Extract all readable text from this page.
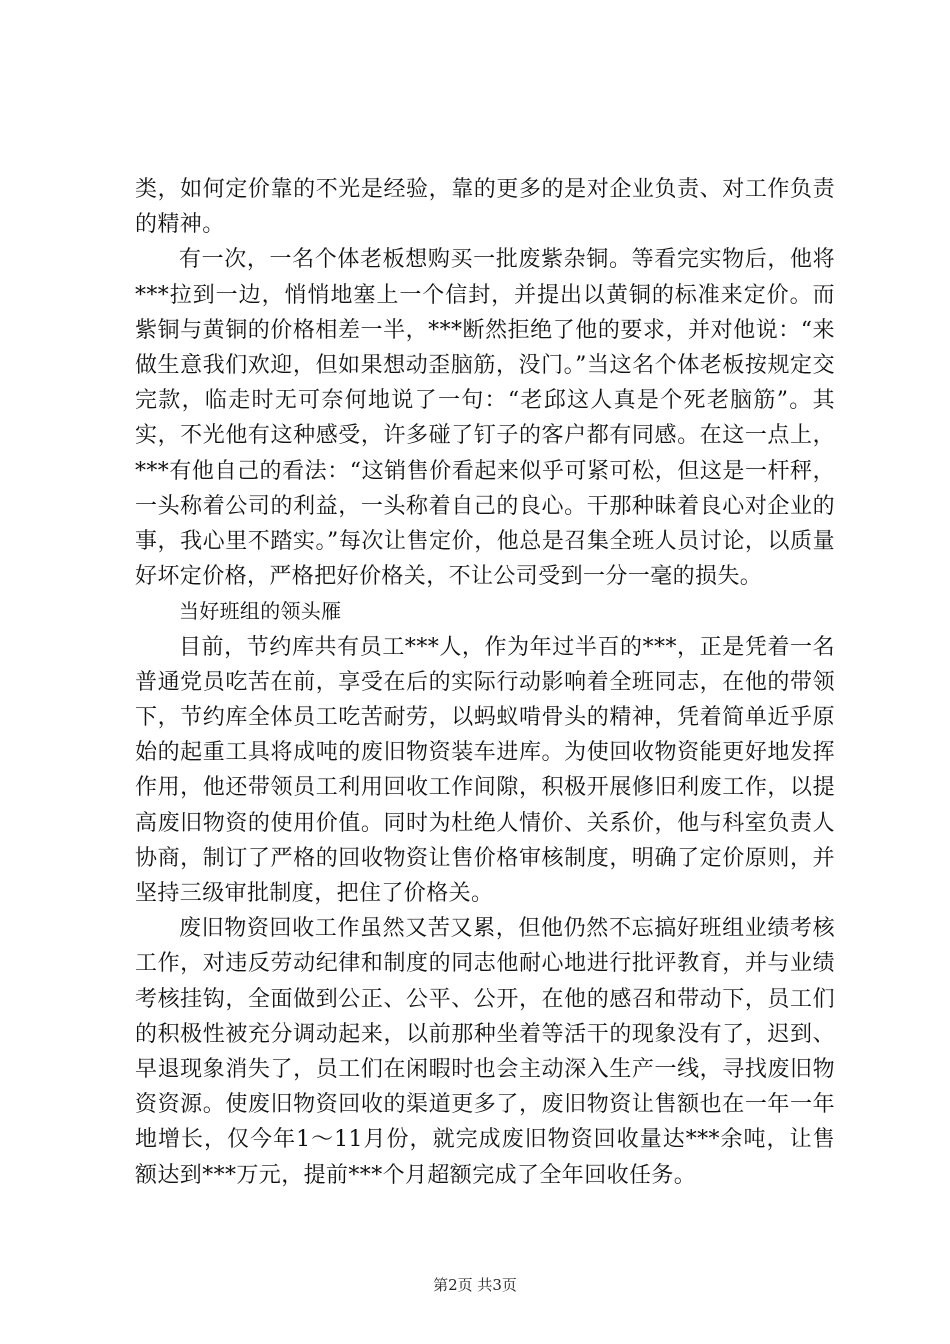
类，如何定价靠的不光是经验，靠的更多的是对企业负责、对工作负责的精神。

有一次，一名个体老板想购买一批废紫杂铜。等看完实物后，他将***拉到一边，悄悄地塞上一个信封，并提出以黄铜的标准来定价。而紫铜与黄铜的价格相差一半，***断然拒绝了他的要求，并对他说：“来做生意我们欢迎，但如果想动歪脑筋，没门。”当这名个体老板按规定交完款，临走时无可奈何地说了一句：“老邱这人真是个死老脑筋”。其实，不光他有这种感受，许多碰了钉子的客户都有同感。在这一点上，***有他自己的看法：“这销售价看起来似乎可紧可松，但这是一杆秤，一头称着公司的利益，一头称着自己的良心。干那种昧着良心对企业的事，我心里不踏实。”每次让售定价，他总是召集全班人员讨论，以质量好坏定价格，严格把好价格关，不让公司受到一分一毫的损失。

当好班组的领头雁

目前，节约库共有员工***人，作为年过半百的***，正是凭着一名普通党员吃苦在前，享受在后的实际行动影响着全班同志，在他的带领下，节约库全体员工吃苦耐劳，以蚂蚁啃骨头的精神，凭着简单近乎原始的起重工具将成吨的废旧物资装车进库。为使回收物资能更好地发挥作用，他还带领员工利用回收工作间隙，积极开展修旧利废工作，以提高废旧物资的使用价值。同时为杜绝人情价、关系价，他与科室负责人协商，制订了严格的回收物资让售价格审核制度，明确了定价原则，并坚持三级审批制度，把住了价格关。

废旧物资回收工作虽然又苦又累，但他仍然不忘搞好班组业绩考核工作，对违反劳动纪律和制度的同志他耐心地进行批评教育，并与业绩考核挂钩，全面做到公正、公平、公开，在他的感召和带动下，员工们的积极性被充分调动起来，以前那种坐着等活干的现象没有了，迟到、早退现象消失了，员工们在闲暇时也会主动深入生产一线，寻找废旧物资资源。使废旧物资回收的渠道更多了，废旧物资让售额也在一年一年地增长，仅今年1～11月份，就完成废旧物资回收量达***余吨，让售额达到***万元，提前***个月超额完成了全年回收任务。

第2页 共3页
